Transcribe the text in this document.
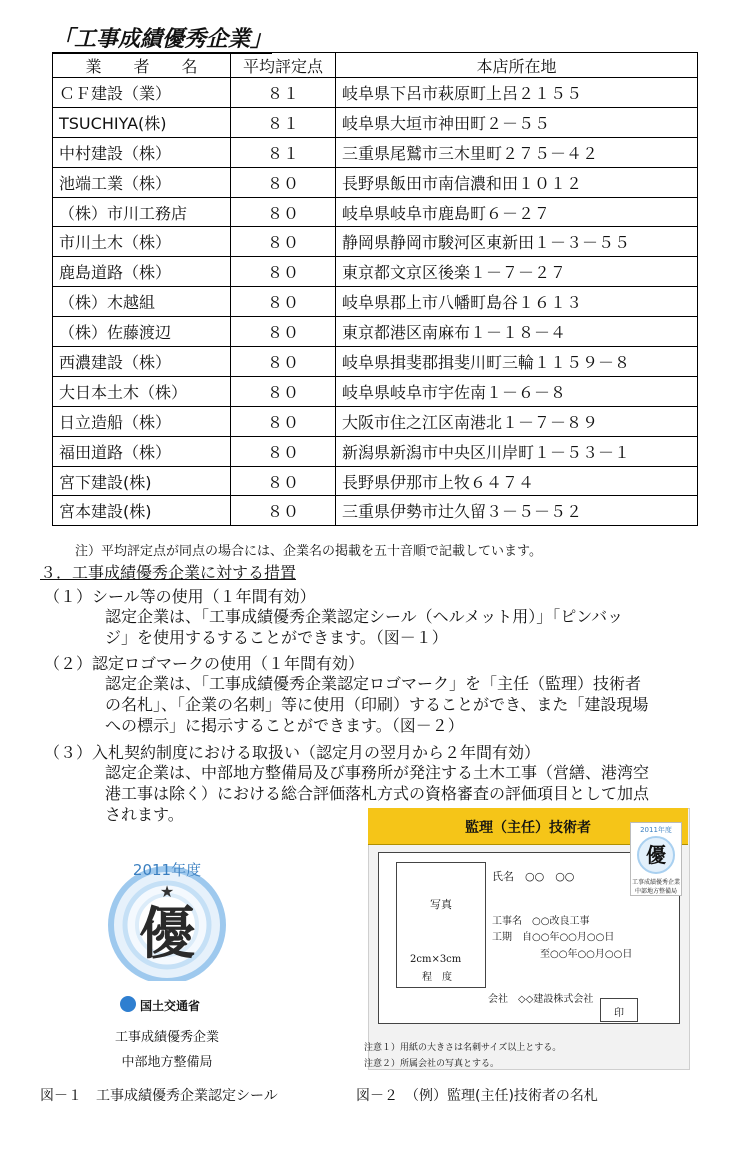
「工事成績優秀企業」
業　　者　　名	平均評定点	本店所在地
ＣＦ建設（業）	８１	岐阜県下呂市萩原町上呂２１５５
TSUCHIYA(株)	８１	岐阜県大垣市神田町２－５５
中村建設（株）	８１	三重県尾鷲市三木里町２７５－４２
池端工業（株）	８０	長野県飯田市南信濃和田１０１２
（株）市川工務店	８０	岐阜県岐阜市鹿島町６－２７
市川土木（株）	８０	静岡県静岡市駿河区東新田１－３－５５
鹿島道路（株）	８０	東京都文京区後楽１－７－２７
（株）木越組	８０	岐阜県郡上市八幡町島谷１６１３
（株）佐藤渡辺	８０	東京都港区南麻布１－１８－４
西濃建設（株）	８０	岐阜県揖斐郡揖斐川町三輪１１５９－８
大日本土木（株）	８０	岐阜県岐阜市宇佐南１－６－８
日立造船（株）	８０	大阪市住之江区南港北１－７－８９
福田道路（株）	８０	新潟県新潟市中央区川岸町１－５３－１
宮下建設(株)	８０	長野県伊那市上牧６４７４
宮本建設(株)	８０	三重県伊勢市辻久留３－５－５２
注）平均評定点が同点の場合には、企業名の掲載を五十音順で記載しています。
３．工事成績優秀企業に対する措置
（１）シール等の使用（１年間有効）
認定企業は、「工事成績優秀企業認定シール（ヘルメット用）」「ピンバッ
ジ」を使用するすることができます。（図－１）
（２）認定ロゴマークの使用（１年間有効）
認定企業は、「工事成績優秀企業認定ロゴマーク」を「主任（監理）技術者
の名札」、「企業の名刺」等に使用（印刷）することができ、また「建設現場
への標示」に掲示することができます。（図－２）
（３）入札契約制度における取扱い（認定月の翌月から２年間有効）
認定企業は、中部地方整備局及び事務所が発注する土木工事（営繕、港湾空
港工事は除く）における総合評価落札方式の資格審査の評価項目として加点
されます。
2011年度
★
優
国土交通省
工事成績優秀企業
中部地方整備局
監理（主任）技術者	2011年度
優
工事成績優秀企業
中部地方整備局
写真
2cm×3cm
程　度
氏名　○○　○○
工事名　○○改良工事
工期　自○○年○○月○○日
至○○年○○月○○日
会社　◇◇建設株式会社
印
注意１）用紙の大きさは名刺サイズ以上とする。
注意２）所属会社の写真とする。
図－１　工事成績優秀企業認定シール	図－２　（例）監理(主任)技術者の名札
